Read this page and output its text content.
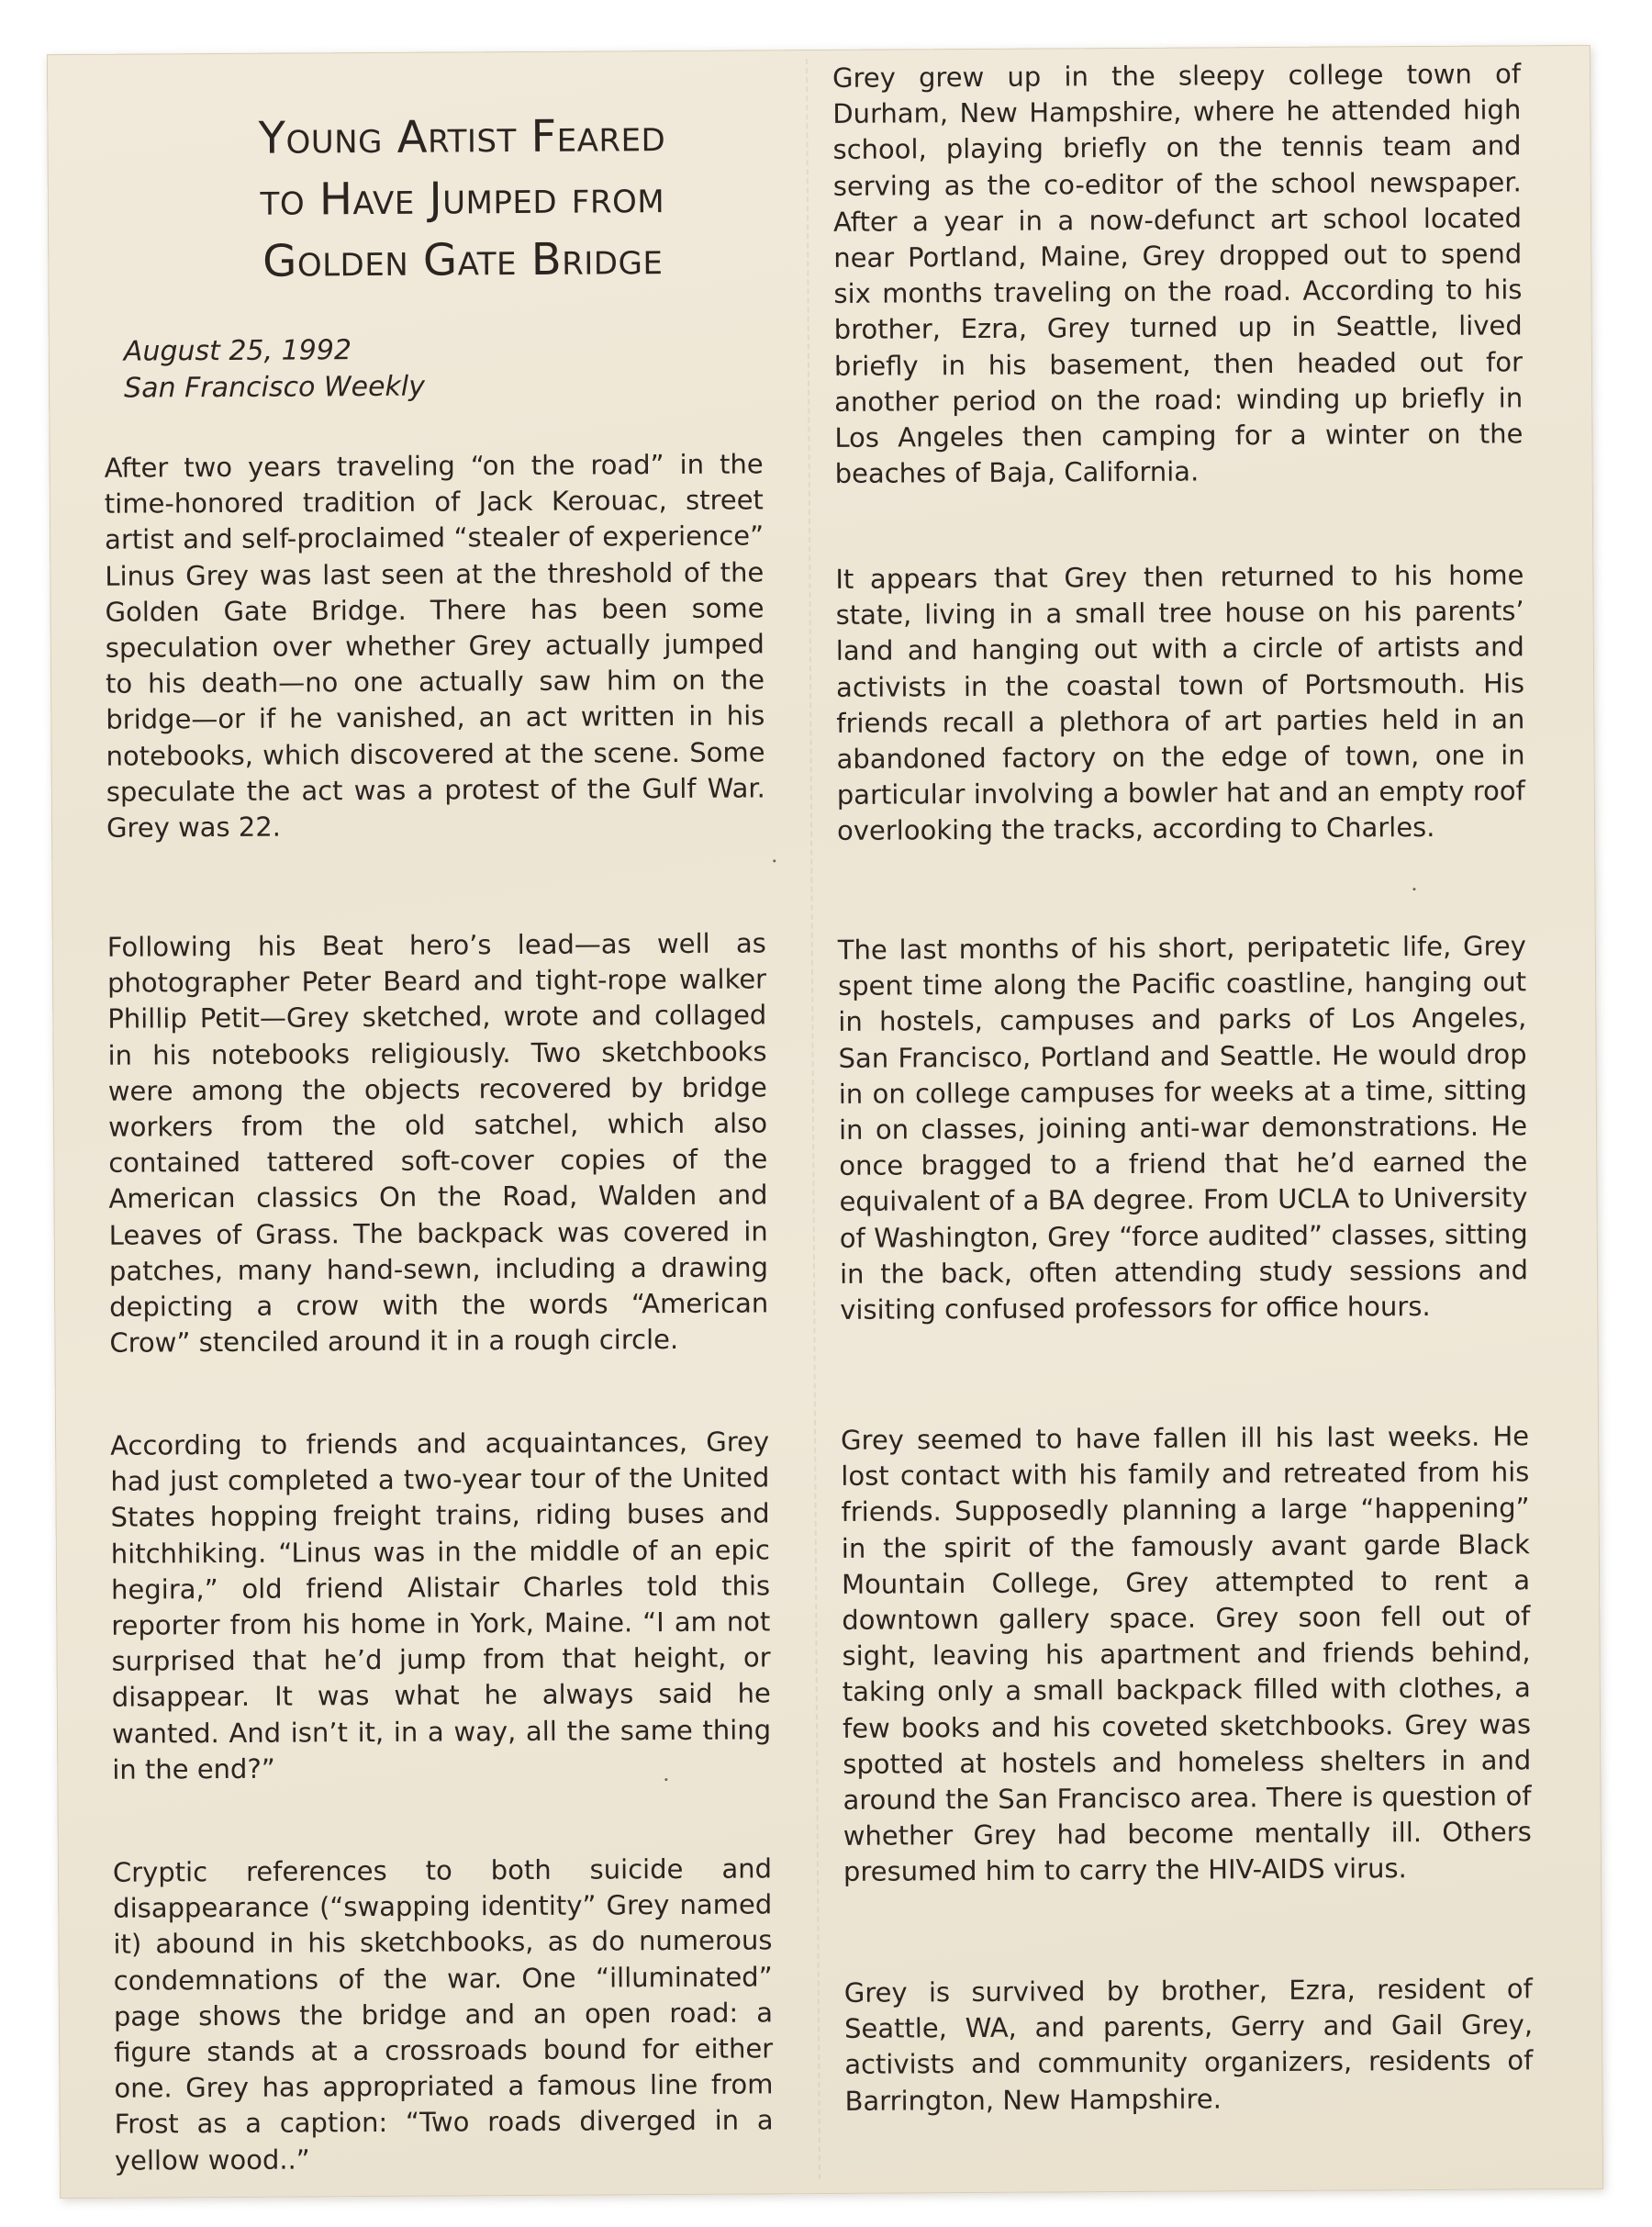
Young Artist Feared
to Have Jumped from
Golden Gate Bridge

August 25, 1992
San Francisco Weekly

After two years traveling “on the road” in the time-honored tradition of Jack Kerouac, street artist and self-proclaimed “stealer of experience” Linus Grey was last seen at the threshold of the Golden Gate Bridge. There has been some speculation over whether Grey actually jumped to his death—no one actually saw him on the bridge—or if he vanished, an act written in his notebooks, which discovered at the scene. Some speculate the act was a protest of the Gulf War. Grey was 22.

Following his Beat hero’s lead—as well as photographer Peter Beard and tight-rope walker Phillip Petit—Grey sketched, wrote and collaged in his notebooks religiously. Two sketchbooks were among the objects recovered by bridge workers from the old satchel, which also contained tattered soft-cover copies of the American classics On the Road, Walden and Leaves of Grass. The backpack was covered in patches, many hand-sewn, including a drawing depicting a crow with the words “American Crow” stenciled around it in a rough circle.

According to friends and acquaintances, Grey had just completed a two-year tour of the United States hopping freight trains, riding buses and hitchhiking. “Linus was in the middle of an epic hegira,” old friend Alistair Charles told this reporter from his home in York, Maine. “I am not surprised that he’d jump from that height, or disappear. It was what he always said he wanted. And isn’t it, in a way, all the same thing in the end?”

Cryptic references to both suicide and disappearance (“swapping identity” Grey named it) abound in his sketchbooks, as do numerous condemnations of the war. One “illuminated” page shows the bridge and an open road: a figure stands at a crossroads bound for either one. Grey has appropriated a famous line from Frost as a caption: “Two roads diverged in a yellow wood..”

Grey grew up in the sleepy college town of Durham, New Hampshire, where he attended high school, playing briefly on the tennis team and serving as the co-editor of the school newspaper. After a year in a now-defunct art school located near Portland, Maine, Grey dropped out to spend six months traveling on the road. According to his brother, Ezra, Grey turned up in Seattle, lived briefly in his basement, then headed out for another period on the road: winding up briefly in Los Angeles then camping for a winter on the beaches of Baja, California.

It appears that Grey then returned to his home state, living in a small tree house on his parents’ land and hanging out with a circle of artists and activists in the coastal town of Portsmouth. His friends recall a plethora of art parties held in an abandoned factory on the edge of town, one in particular involving a bowler hat and an empty roof overlooking the tracks, according to Charles.

The last months of his short, peripatetic life, Grey spent time along the Pacific coastline, hanging out in hostels, campuses and parks of Los Angeles, San Francisco, Portland and Seattle. He would drop in on college campuses for weeks at a time, sitting in on classes, joining anti-war demonstrations. He once bragged to a friend that he’d earned the equivalent of a BA degree. From UCLA to University of Washington, Grey “force audited” classes, sitting in the back, often attending study sessions and visiting confused professors for office hours.

Grey seemed to have fallen ill his last weeks. He lost contact with his family and retreated from his friends. Supposedly planning a large “happening” in the spirit of the famously avant garde Black Mountain College, Grey attempted to rent a downtown gallery space. Grey soon fell out of sight, leaving his apartment and friends behind, taking only a small backpack filled with clothes, a few books and his coveted sketchbooks. Grey was spotted at hostels and homeless shelters in and around the San Francisco area. There is question of whether Grey had become mentally ill. Others presumed him to carry the HIV-AIDS virus.

Grey is survived by brother, Ezra, resident of Seattle, WA, and parents, Gerry and Gail Grey, activists and community organizers, residents of Barrington, New Hampshire.
